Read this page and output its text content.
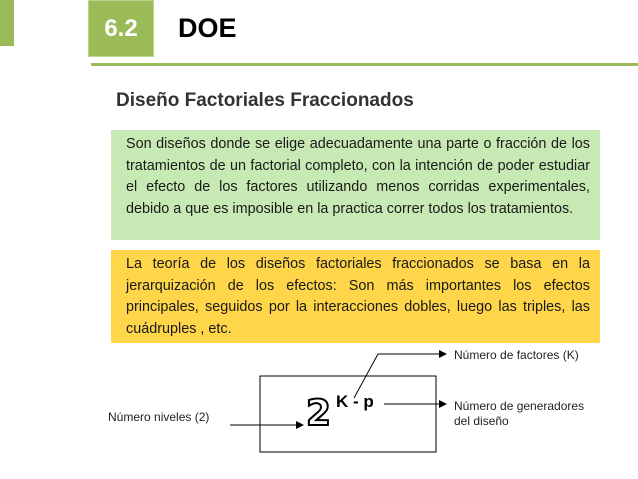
6.2 DOE
Diseño Factoriales Fraccionados
Son diseños donde se elige adecuadamente una parte o fracción de los tratamientos de un factorial completo, con la intención de poder estudiar el efecto de los factores utilizando menos corridas experimentales, debido a que es imposible en la practica correr todos los tratamientos.
La teoría de los diseños factoriales fraccionados se basa en la jerarquización de los efectos: Son más importantes los efectos principales, seguidos por la interacciones dobles, luego las triples, las cuádruples , etc.
2 K - p
Número de factores (K)
Número de generadores
del diseño
Número niveles (2)
